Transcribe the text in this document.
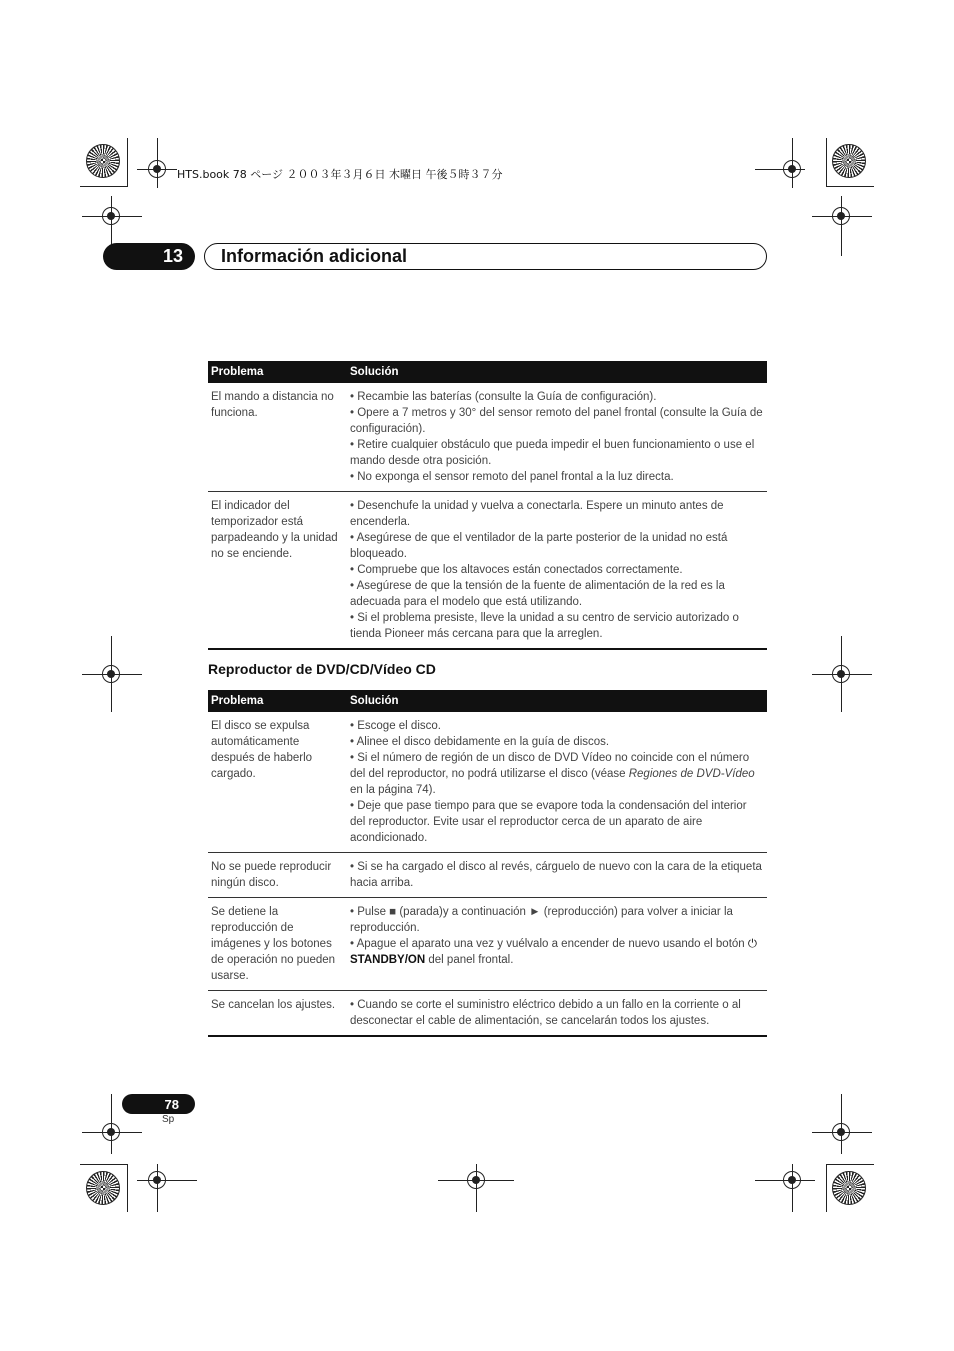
HTS.book 78 ページ ２００３年３月６日 木曜日 午後５時３７分
13	Información adicional
Problema	Solución
El mando a distancia no funciona.	• Recambie las baterías (consulte la Guía de configuración).
• Opere a 7 metros y 30° del sensor remoto del panel frontal (consulte la Guía de configuración).
• Retire cualquier obstáculo que pueda impedir el buen funcionamiento o use el mando desde otra posición.
• No exponga el sensor remoto del panel frontal a la luz directa.

El indicador del temporizador está parpadeando y la unidad no se enciende.	• Desenchufe la unidad y vuelva a conectarla. Espere un minuto antes de encenderla.
• Asegúrese de que el ventilador de la parte posterior de la unidad no está bloqueado.
• Compruebe que los altavoces están conectados correctamente.
• Asegúrese de que la tensión de la fuente de alimentación de la red es la adecuada para el modelo que está utilizando.
• Si el problema presiste, lleve la unidad a su centro de servicio autorizado o tienda Pioneer más cercana para que la arreglen.
Reproductor de DVD/CD/Vídeo CD
Problema	Solución
El disco se expulsa automáticamente después de haberlo cargado.	• Escoge el disco.
• Alinee el disco debidamente en la guía de discos.
• Si el número de región de un disco de DVD Vídeo no coincide con el número del del reproductor, no podrá utilizarse el disco (véase Regiones de DVD-Vídeo en la página 74).
• Deje que pase tiempo para que se evapore toda la condensación del interior del reproductor. Evite usar el reproductor cerca de un aparato de aire acondicionado.

No se puede reproducir ningún disco.	• Si se ha cargado el disco al revés, cárguelo de nuevo con la cara de la etiqueta hacia arriba.

Se detiene la reproducción de imágenes y los botones de operación no pueden usarse.	• Pulse ■ (parada)y a continuación ► (reproducción) para volver a iniciar la reproducción.
• Apague el aparato una vez y vuélvalo a encender de nuevo usando el botón ⏻ STANDBY/ON del panel frontal.

Se cancelan los ajustes.	• Cuando se corte el suministro eléctrico debido a un fallo en la corriente o al desconectar el cable de alimentación, se cancelarán todos los ajustes.
78
Sp
